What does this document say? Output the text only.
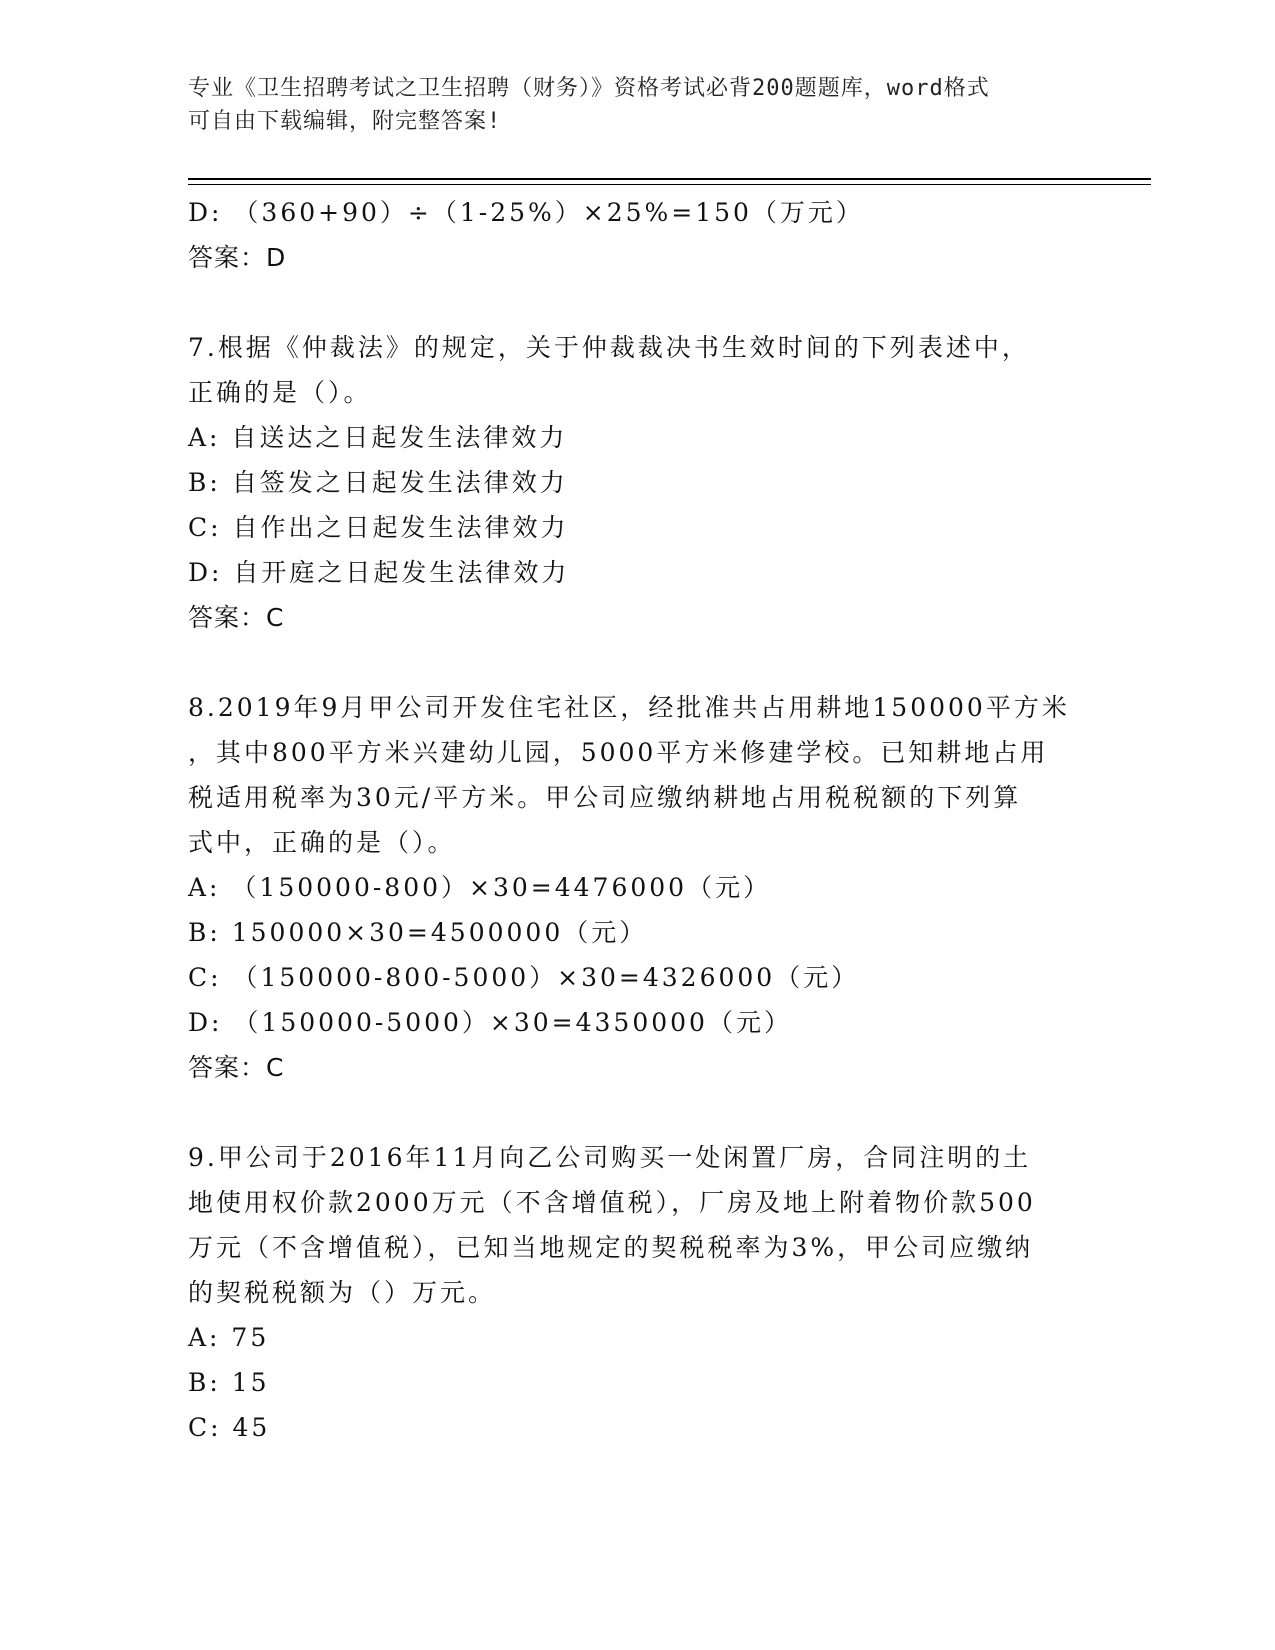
专业《卫生招聘考试之卫生招聘（财务）》资格考试必背200题题库，word格式
可自由下载编辑，附完整答案!
D: （360+90）÷（1-25%）×25%=150（万元）
答案：D
7.根据《仲裁法》的规定，关于仲裁裁决书生效时间的下列表述中，
正确的是（）。
A: 自送达之日起发生法律效力
B: 自签发之日起发生法律效力
C: 自作出之日起发生法律效力
D: 自开庭之日起发生法律效力
答案：C
8.2019年9月甲公司开发住宅社区，经批准共占用耕地150000平方米
，其中800平方米兴建幼儿园，5000平方米修建学校。已知耕地占用
税适用税率为30元/平方米。甲公司应缴纳耕地占用税税额的下列算
式中，正确的是（）。
A: （150000-800）×30=4476000（元）
B: 150000×30=4500000（元）
C: （150000-800-5000）×30=4326000（元）
D: （150000-5000）×30=4350000（元）
答案：C
9.甲公司于2016年11月向乙公司购买一处闲置厂房，合同注明的土
地使用权价款2000万元（不含增值税），厂房及地上附着物价款500
万元（不含增值税），已知当地规定的契税税率为3%，甲公司应缴纳
的契税税额为（）万元。
A: 75
B: 15
C: 45
